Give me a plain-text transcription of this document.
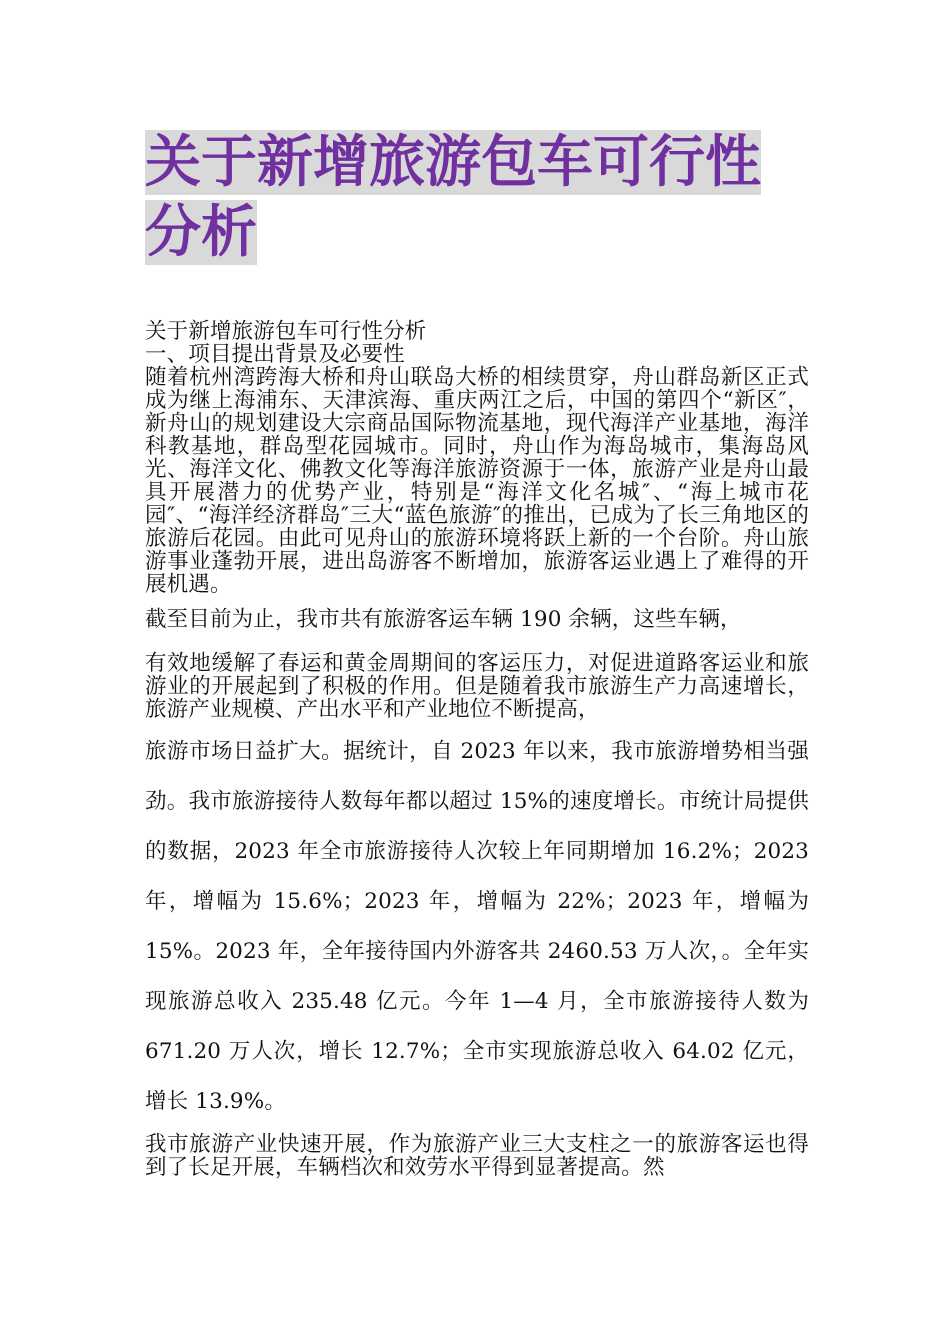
关于新增旅游包车可行性分析

关于新增旅游包车可行性分析

一、项目提出背景及必要性

随着杭州湾跨海大桥和舟山联岛大桥的相续贯穿，舟山群岛新区正式成为继上海浦东、天津滨海、重庆两江之后，中国的第四个“新区″，新舟山的规划建设大宗商品国际物流基地，现代海洋产业基地，海洋科教基地，群岛型花园城市。同时，舟山作为海岛城市，集海岛风光、海洋文化、佛教文化等海洋旅游资源于一体，旅游产业是舟山最具开展潜力的优势产业，特别是“海洋文化名城″、“海上城市花园″、“海洋经济群岛″三大“蓝色旅游″的推出，已成为了长三角地区的旅游后花园。由此可见舟山的旅游环境将跃上新的一个台阶。舟山旅游事业蓬勃开展，进出岛游客不断增加，旅游客运业遇上了难得的开展机遇。

截至目前为止，我市共有旅游客运车辆 190 余辆，这些车辆，

有效地缓解了春运和黄金周期间的客运压力，对促进道路客运业和旅游业的开展起到了积极的作用。但是随着我市旅游生产力高速增长，旅游产业规模、产出水平和产业地位不断提高，

旅游市场日益扩大。据统计，自 2023 年以来，我市旅游增势相当强劲。我市旅游接待人数每年都以超过 15%的速度增长。市统计局提供的数据，2023 年全市旅游接待人次较上年同期增加 16.2%；2023 年，增幅为 15.6%；2023 年，增幅为 22%；2023 年，增幅为 15%。2023 年，全年接待国内外游客共 2460.53 万人次，。全年实现旅游总收入 235.48 亿元。今年 1—4 月，全市旅游接待人数为 671.20 万人次，增长 12.7%；全市实现旅游总收入 64.02 亿元，增长 13.9%。

我市旅游产业快速开展，作为旅游产业三大支柱之一的旅游客运也得到了长足开展，车辆档次和效劳水平得到显著提高。然
